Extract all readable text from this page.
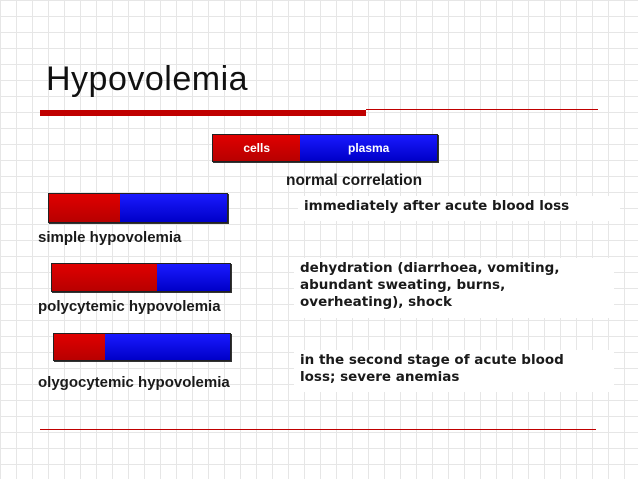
Hypovolemia
cells	plasma
normal correlation
simple hypovolemia
immediately after acute blood loss
polycytemic hypovolemia
dehydration (diarrhoea, vomiting,
abundant sweating, burns,
overheating), shock
olygocytemic hypovolemia
in the second stage of acute blood
loss; severe anemias
